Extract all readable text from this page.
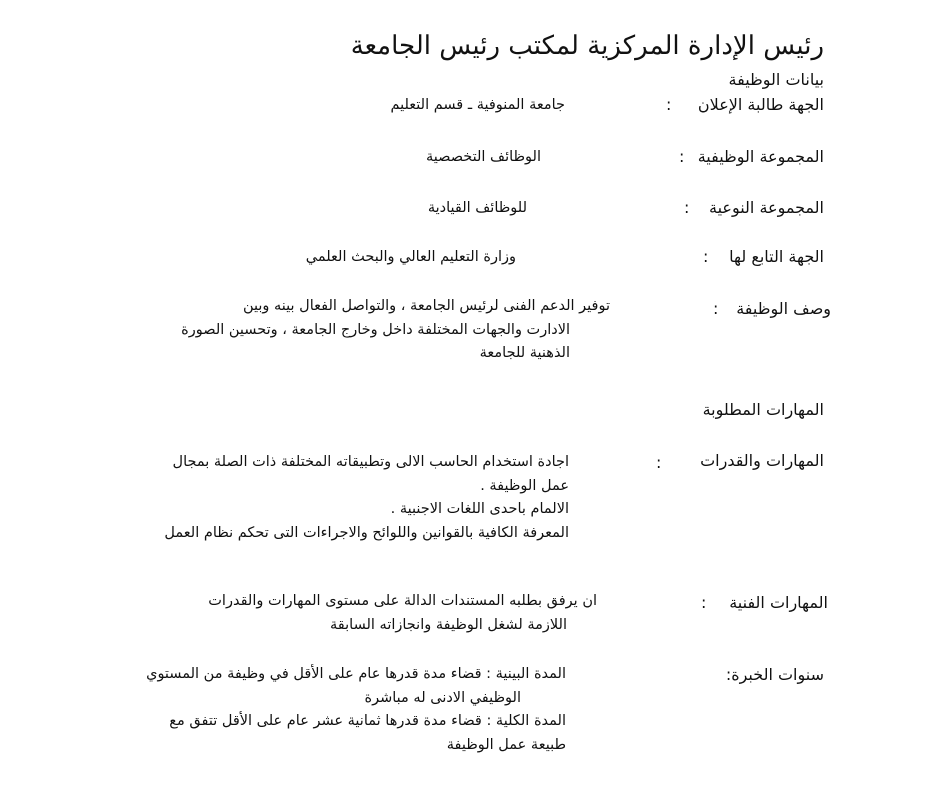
رئيس الإدارة المركزية لمكتب رئيس الجامعة
بيانات الوظيفة
الجهة طالبة الإعلان
:
جامعة المنوفية ـ قسم التعليم
المجموعة الوظيفية
:
الوظائف التخصصية
المجموعة النوعية
:
للوظائف القيادية
الجهة التابع لها
:
وزارة التعليم العالي والبحث العلمي
وصف الوظيفة
:
توفير الدعم الفنى لرئيس الجامعة ، والتواصل الفعال بينه وبين
الادارت والجهات المختلفة داخل وخارج الجامعة ، وتحسين الصورة
الذهنية للجامعة
المهارات المطلوبة
المهارات والقدرات
:
اجادة استخدام الحاسب الالى وتطبيقاته المختلفة ذات الصلة بمجال
عمل الوظيفة .
الالمام باحدى اللغات الاجنبية .
المعرفة الكافية بالقوانين واللوائح والاجراءات التى تحكم نظام العمل
المهارات الفنية
:
ان يرفق بطلبه المستندات الدالة على مستوى المهارات والقدرات
اللازمة لشغل الوظيفة وانجازاته السابقة
سنوات الخبرة:
المدة البينية : قضاء مدة قدرها عام على الأقل في وظيفة من المستوي
الوظيفي الادنى له مباشرة
المدة الكلية : قضاء مدة قدرها ثمانية عشر عام على الأقل تتفق مع
طبيعة عمل الوظيفة
